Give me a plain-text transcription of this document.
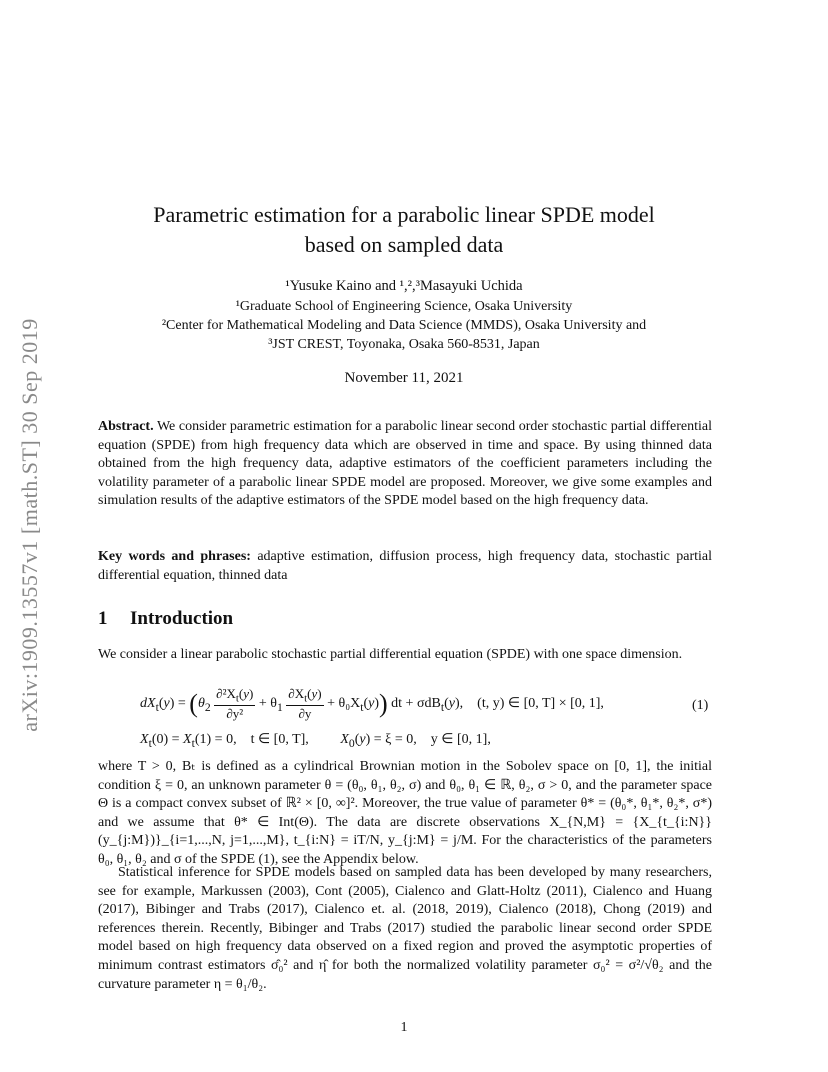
arXiv:1909.13557v1 [math.ST] 30 Sep 2019
Parametric estimation for a parabolic linear SPDE model
based on sampled data
¹Yusuke Kaino and ¹,²,³Masayuki Uchida
¹Graduate School of Engineering Science, Osaka University
²Center for Mathematical Modeling and Data Science (MMDS), Osaka University and
³JST CREST, Toyonaka, Osaka 560-8531, Japan
November 11, 2021

Abstract. We consider parametric estimation for a parabolic linear second order stochastic partial differential equation (SPDE) from high frequency data which are observed in time and space. By using thinned data obtained from the high frequency data, adaptive estimators of the coefficient parameters including the volatility parameter of a parabolic linear SPDE model are proposed. Moreover, we give some examples and simulation results of the adaptive estimators of the SPDE model based on the high frequency data.

Key words and phrases: adaptive estimation, diffusion process, high frequency data, stochastic partial differential equation, thinned data

1 Introduction

We consider a linear parabolic stochastic partial differential equation (SPDE) with one space dimension.

$dX_t(y) = (\theta_2 \frac{\partial^2X_t(y)}{\text{∂y²}} + \theta_1 \frac{\partial X_t(y)}{\partial y} + \theta_0X_t(y))$ dt + σdB$_t$(y),    (t, y) ∈ [0, T] × [0, 1],	(1)
$X_t(0) = X_t(1) = 0$,    t ∈ [0, T], $X_0(y) = \xi = 0$,    y ∈ [0, 1],

where T > 0, Bₜ is defined as a cylindrical Brownian motion in the Sobolev space on [0, 1], the initial condition ξ = 0, an unknown parameter θ = (θ₀, θ₁, θ₂, σ) and θ₀, θ₁ ∈ ℝ, θ₂, σ > 0, and the parameter space Θ is a compact convex subset of ℝ² × [0, ∞]². Moreover, the true value of parameter θ* = (θ₀*, θ₁*, θ₂*, σ*) and we assume that θ* ∈ Int(Θ). The data are discrete observations X_{N,M} = {X_{t_{i:N}}(y_{j:M})}_{i=1,...,N, j=1,...,M}, t_{i:N} = iT/N, y_{j:M} = j/M. For the characteristics of the parameters θ₀, θ₁, θ₂ and σ of the SPDE (1), see the Appendix below.

Statistical inference for SPDE models based on sampled data has been developed by many researchers, see for example, Markussen (2003), Cont (2005), Cialenco and Glatt-Holtz (2011), Cialenco and Huang (2017), Bibinger and Trabs (2017), Cialenco et. al. (2018, 2019), Cialenco (2018), Chong (2019) and references therein. Recently, Bibinger and Trabs (2017) studied the parabolic linear second order SPDE model based on high frequency data observed on a fixed region and proved the asymptotic properties of minimum contrast estimators σ̂₀² and η̂ for both the normalized volatility parameter σ₀² = σ²/√θ₂ and the curvature parameter η = θ₁/θ₂.

1
